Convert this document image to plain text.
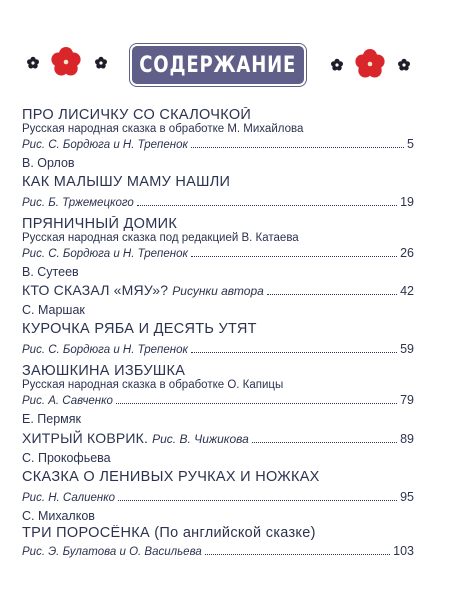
СОДЕРЖАНИЕ
ПРО ЛИСИЧКУ СО СКАЛОЧКОЙ
Русская народная сказка в обработке М. Михайлова
Рис. С. Бордюга и Н. Трепенок	5
В. Орлов
КАК МАЛЫШУ МАМУ НАШЛИ
Рис. Б. Тржемецкого	19
ПРЯНИЧНЫЙ ДОМИК
Русская народная сказка под редакцией В. Катаева
Рис. С. Бордюга и Н. Трепенок	26
В. Сутеев
КТО СКАЗАЛ «МЯУ»? Рисунки автора	42
С. Маршак
КУРОЧКА РЯБА И ДЕСЯТЬ УТЯТ
Рис. С. Бордюга и Н. Трепенок	59
ЗАЮШКИНА ИЗБУШКА
Русская народная сказка в обработке О. Капицы
Рис. А. Савченко	79
Е. Пермяк
ХИТРЫЙ КОВРИК. Рис. В. Чижикова	89
С. Прокофьева
СКАЗКА О ЛЕНИВЫХ РУЧКАХ И НОЖКАХ
Рис. Н. Салиенко	95
С. Михалков
ТРИ ПОРОСЁНКА (По английской сказке)
Рис. Э. Булатова и О. Васильева	103
